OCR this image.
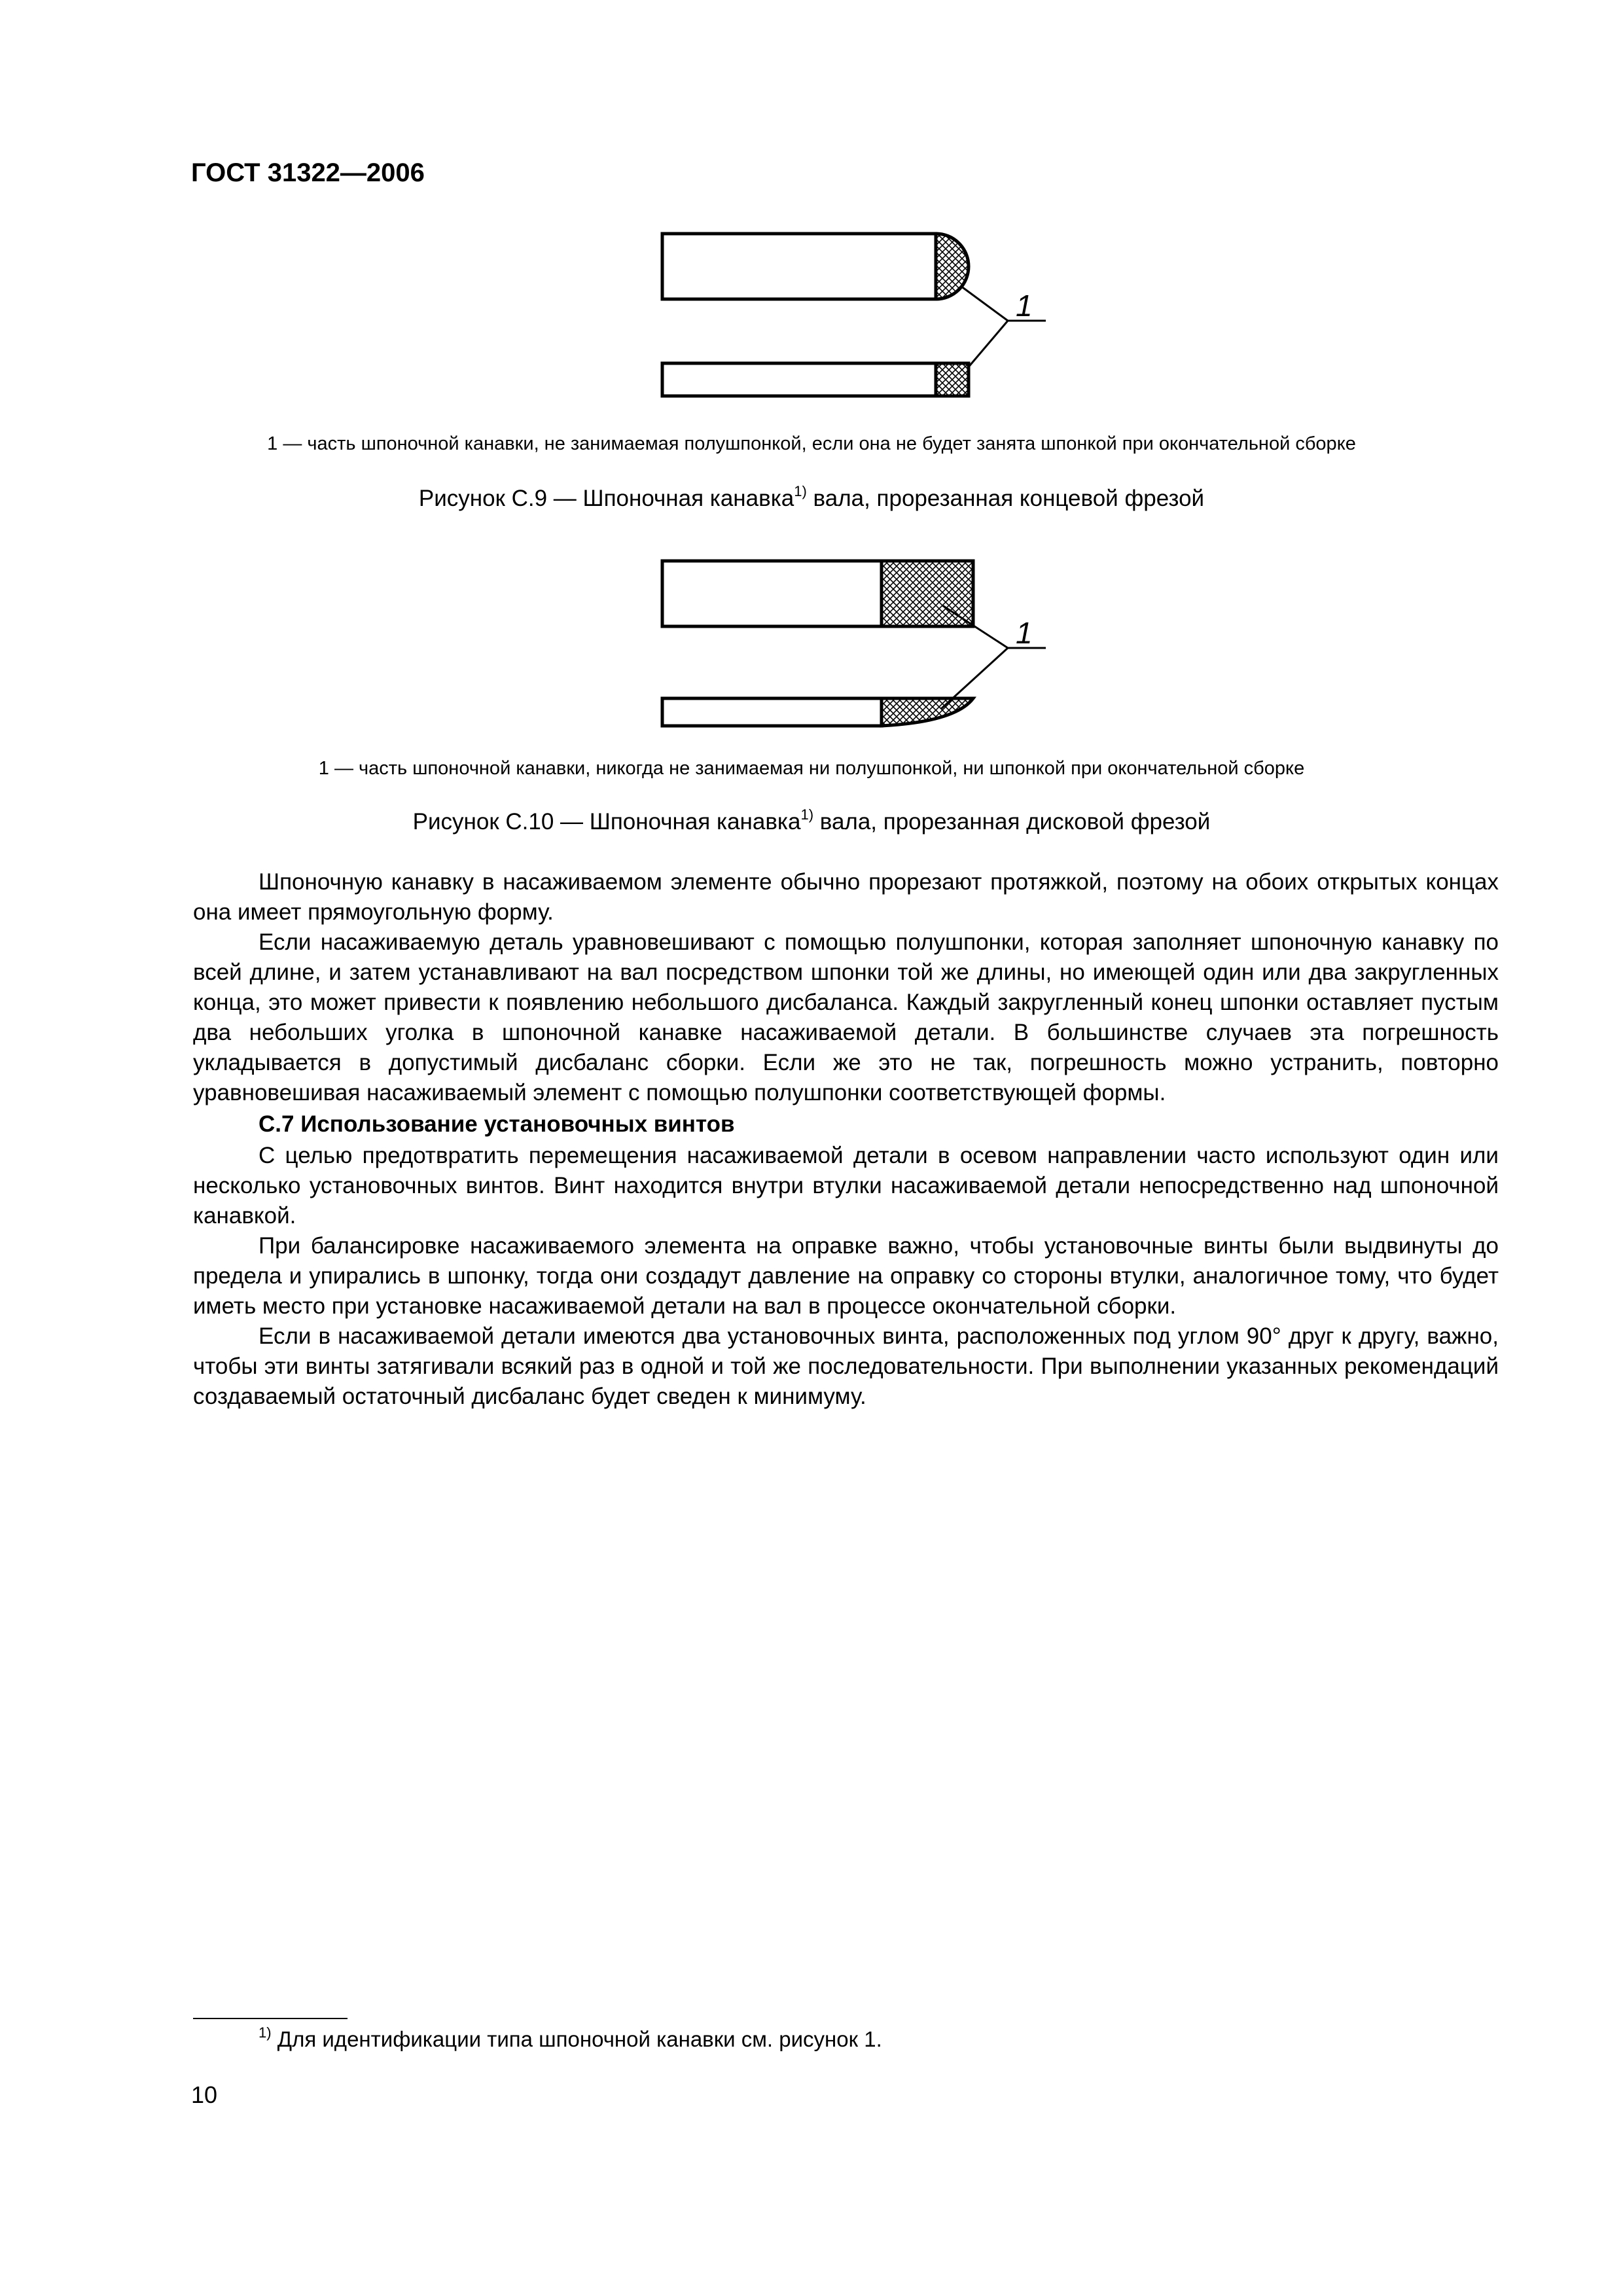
ГОСТ 31322—2006
1
1 — часть шпоночной канавки, не занимаемая полушпонкой, если она не будет занята шпонкой при окончательной сборке
Рисунок С.9 — Шпоночная канавка$^{1)}$ вала, прорезанная концевой фрезой
1
1 — часть шпоночной канавки, никогда не занимаемая ни полушпонкой, ни шпонкой при окончательной сборке
Рисунок С.10 — Шпоночная канавка$^{1)}$ вала, прорезанная дисковой фрезой

Шпоночную канавку в насаживаемом элементе обычно прорезают протяжкой, поэтому на обоих открытых концах она имеет прямоугольную форму.

Если насаживаемую деталь уравновешивают с помощью полушпонки, которая заполняет шпоночную канавку по всей длине, и затем устанавливают на вал посредством шпонки той же длины, но имеющей один или два закругленных конца, это может привести к появлению небольшого дисбаланса. Каждый закругленный конец шпонки оставляет пустым два небольших уголка в шпоночной канавке насаживаемой детали. В большинстве случаев эта погрешность укладывается в допустимый дисбаланс сборки. Если же это не так, погрешность можно устранить, повторно уравновешивая насаживаемый элемент с помощью полушпонки соответствующей формы.

С.7 Использование установочных винтов

С целью предотвратить перемещения насаживаемой детали в осевом направлении часто используют один или несколько установочных винтов. Винт находится внутри втулки насаживаемой детали непосредственно над шпоночной канавкой.

При балансировке насаживаемого элемента на оправке важно, чтобы установочные винты были выдвинуты до предела и упирались в шпонку, тогда они создадут давление на оправку со стороны втулки, аналогичное тому, что будет иметь место при установке насаживаемой детали на вал в процессе окончательной сборки.

Если в насаживаемой детали имеются два установочных винта, расположенных под углом 90° друг к другу, важно, чтобы эти винты затягивали всякий раз в одной и той же последовательности. При выполнении указанных рекомендаций создаваемый остаточный дисбаланс будет сведен к минимуму.

$^{1)}$ Для идентификации типа шпоночной канавки см. рисунок 1.
10
